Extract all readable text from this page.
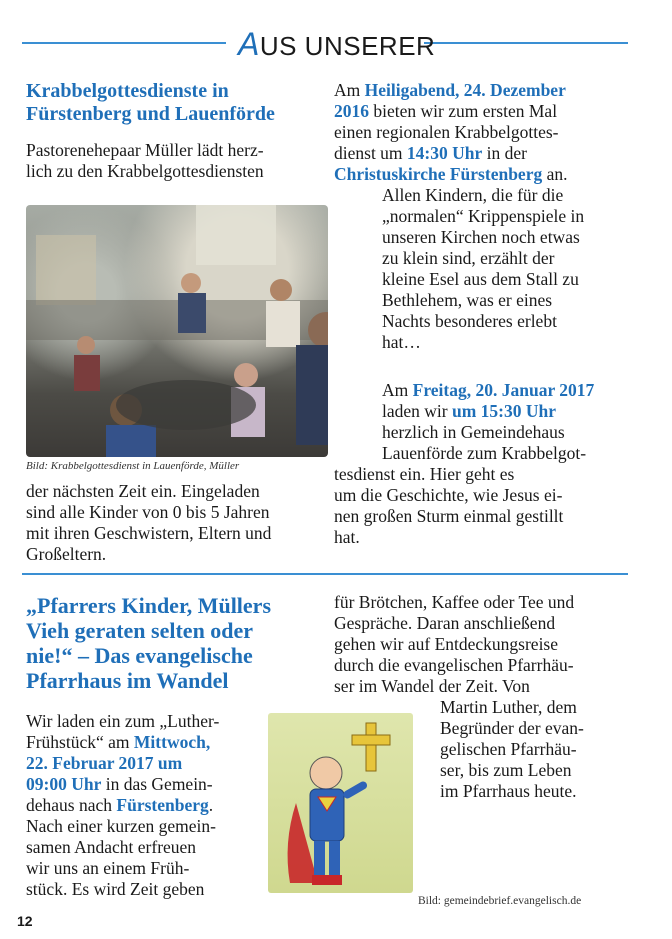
AUS UNSERER
Krabbelgottesdienste in
Fürstenberg und Lauenförde
Pastorenehepaar Müller lädt herz-
lich zu den Krabbelgottesdiensten
Bild: Krabbelgottesdienst in Lauenförde, Müller
der nächsten Zeit ein. Eingeladen
sind alle Kinder von 0 bis 5 Jahren
mit ihren Geschwistern, Eltern und
Großeltern.
Am Heiligabend, 24. Dezember
2016 bieten wir zum ersten Mal
einen regionalen Krabbelgottes-
dienst um 14:30 Uhr in der
Christuskirche Fürstenberg an.
Allen Kindern, die für die
„normalen“ Krippenspiele in
unseren Kirchen noch etwas
zu klein sind, erzählt der
kleine Esel aus dem Stall zu
Bethlehem, was er eines
Nachts besonderes erlebt
hat…
Am Freitag, 20. Januar 2017
laden wir um 15:30 Uhr
herzlich in Gemeindehaus
Lauenförde zum Krabbelgot-
tesdienst ein. Hier geht es
um die Geschichte, wie Jesus ei-
nen großen Sturm einmal gestillt
hat.
„Pfarrers Kinder, Müllers
Vieh geraten selten oder
nie!“ – Das evangelische
Pfarrhaus im Wandel
Wir laden ein zum „Luther-
Frühstück“ am Mittwoch,
22. Februar 2017 um
09:00 Uhr in das Gemein-
dehaus nach Fürstenberg.
Nach einer kurzen gemein-
samen Andacht erfreuen
wir uns an einem Früh-
stück. Es wird Zeit geben
für Brötchen, Kaffee oder Tee und
Gespräche. Daran anschließend
gehen wir auf Entdeckungsreise
durch die evangelischen Pfarrhäu-
ser im Wandel der Zeit. Von
Martin Luther, dem
Begründer der evan-
gelischen Pfarrhäu-
ser, bis zum Leben
im Pfarrhaus heute.
Bild: gemeindebrief.evangelisch.de
12
